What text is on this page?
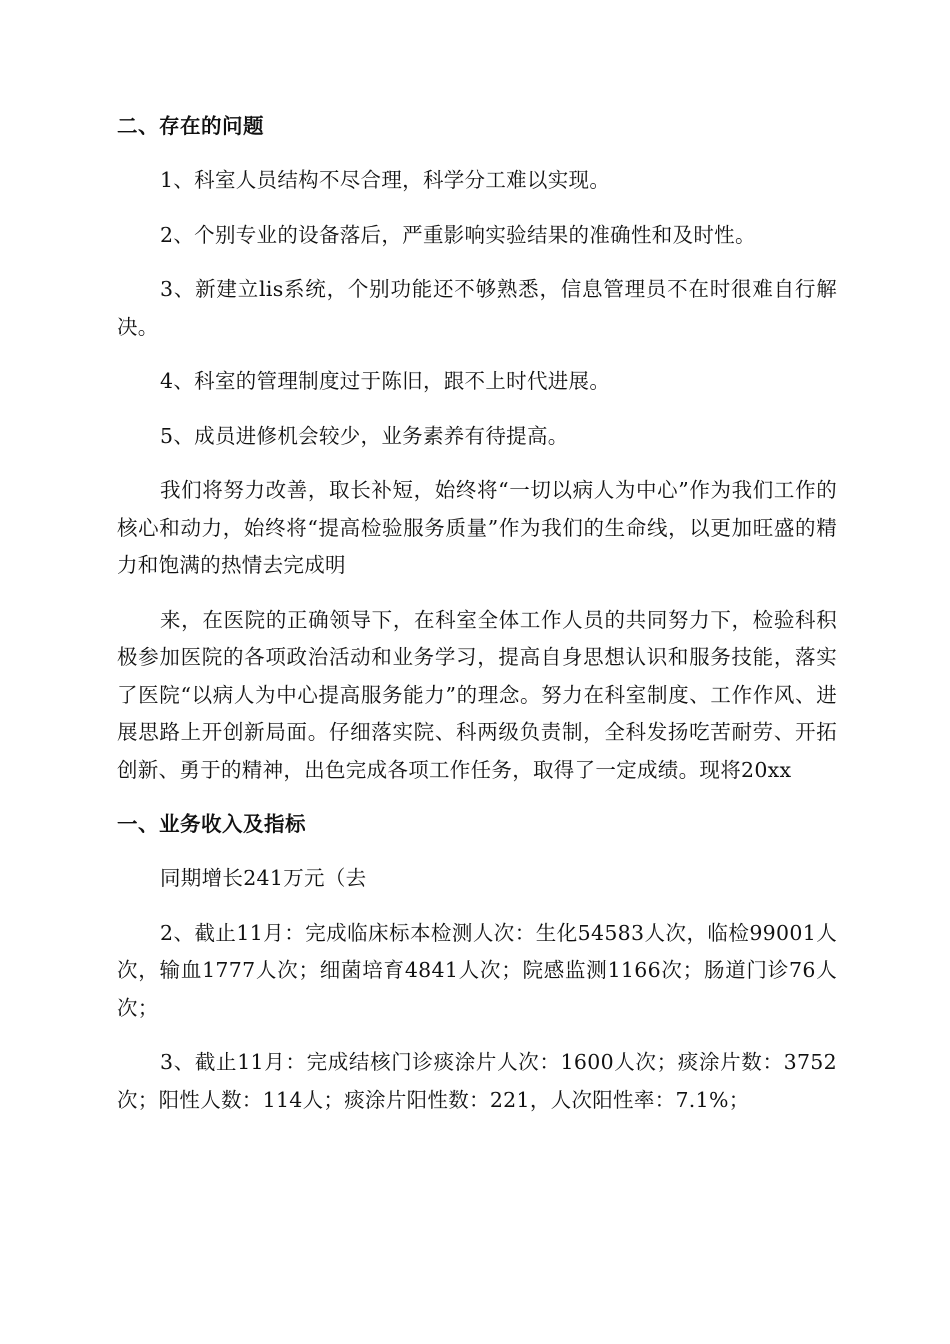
二、存在的问题

1、科室人员结构不尽合理，科学分工难以实现。

2、个别专业的设备落后，严重影响实验结果的准确性和及时性。

3、新建立lis系统，个别功能还不够熟悉，信息管理员不在时很难自行解决。

4、科室的管理制度过于陈旧，跟不上时代进展。

5、成员进修机会较少，业务素养有待提高。

我们将努力改善，取长补短，始终将“一切以病人为中心”作为我们工作的核心和动力，始终将“提高检验服务质量”作为我们的生命线，以更加旺盛的精力和饱满的热情去完成明

来，在医院的正确领导下，在科室全体工作人员的共同努力下，检验科积极参加医院的各项政治活动和业务学习，提高自身思想认识和服务技能，落实了医院“以病人为中心提高服务能力”的理念。努力在科室制度、工作作风、进展思路上开创新局面。仔细落实院、科两级负责制，全科发扬吃苦耐劳、开拓创新、勇于的精神，出色完成各项工作任务，取得了一定成绩。现将20xx

一、业务收入及指标

同期增长241万元（去

2、截止11月：完成临床标本检测人次：生化54583人次，临检99001人次，输血1777人次；细菌培育4841人次；院感监测1166次；肠道门诊76人次；

3、截止11月：完成结核门诊痰涂片人次：1600人次；痰涂片数：3752次；阳性人数：114人；痰涂片阳性数：221，人次阳性率：7.1%；
